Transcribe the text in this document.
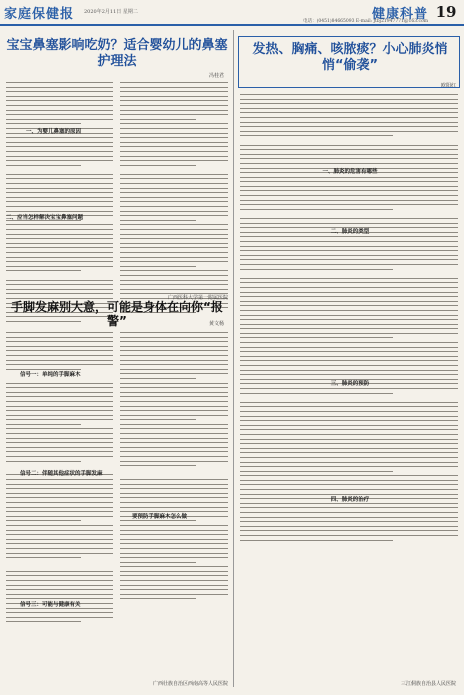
家庭保健报 2020年2月11日 星期二	健康科普
电话：(0451)84665093 E-mail: jtbj21947771@163.com
19
宝宝鼻塞影响吃奶？适合婴幼儿的鼻塞护理法
冯桂君
一、为婴儿鼻塞的原因
二、应当怎样解决宝宝鼻塞问题
广西医科大学第一附属医院
手脚发麻别大意，可能是身体在向你“报警”	黄文杨
信号一：单纯的手脚麻木
信号二：伴随其他症状的手脚发麻
信号三：可能与健康有关
要预防手脚麻木怎么做
广西壮族自治区西南高等人民医院
发热、胸痛、咳脓痰？小心肺炎悄悄“偷袭”
欧阳红
一、肺炎的危害有哪些
二、肺炎的类型
三、肺炎的预防
四、肺炎的治疗
三江侗族自治县人民医院
